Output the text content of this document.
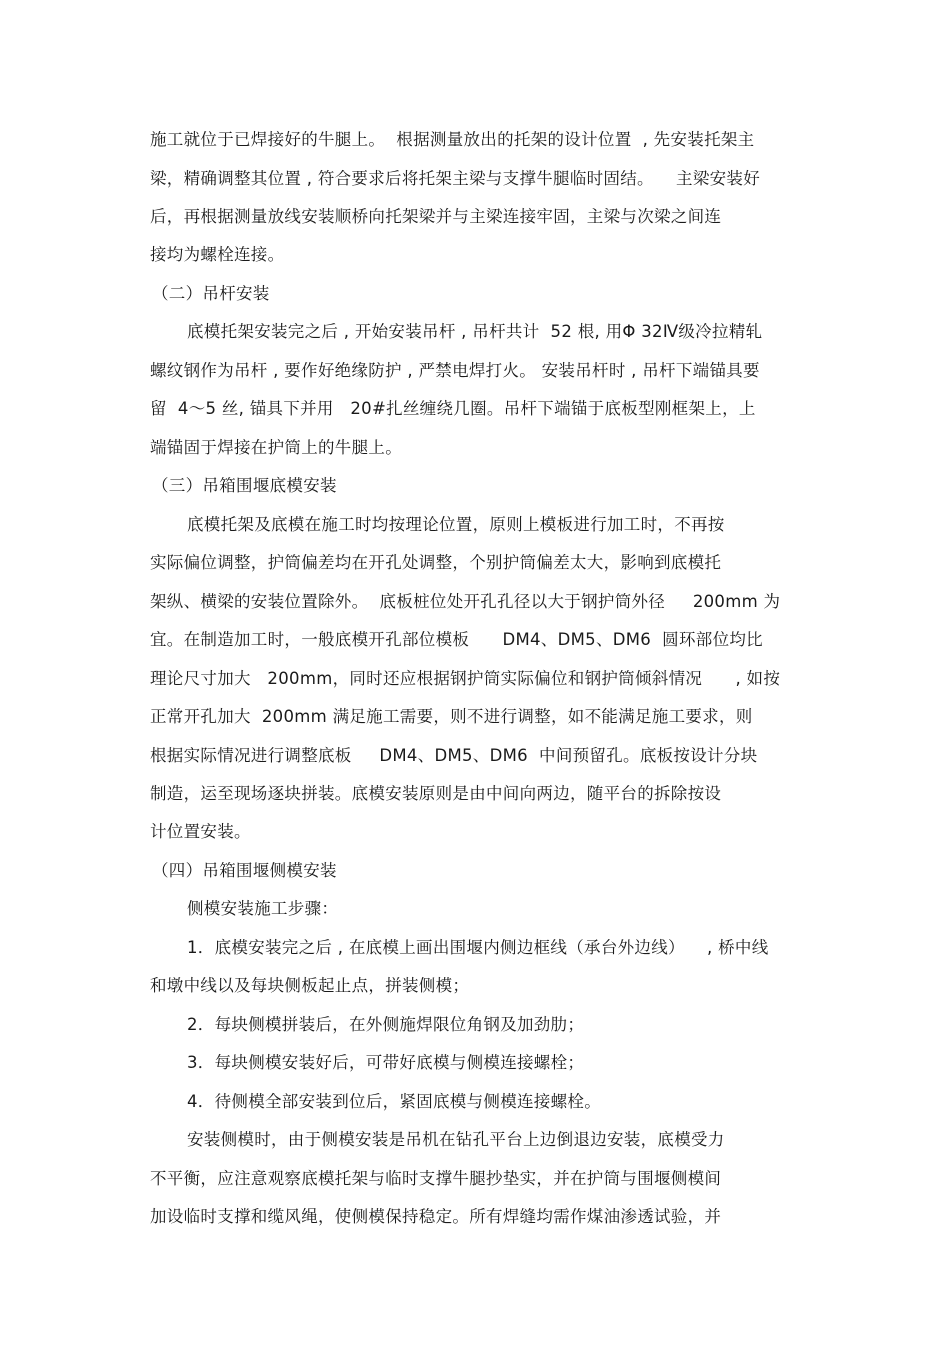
施工就位于已焊接好的牛腿上。  根据测量放出的托架的设计位置  , 先安装托架主
梁，精确调整其位置 , 符合要求后将托架主梁与支撑牛腿临时固结。    主梁安装好
后，再根据测量放线安装顺桥向托架梁并与主梁连接牢固，主梁与次梁之间连
接均为螺栓连接。
（二）吊杆安装
底模托架安装完之后 , 开始安装吊杆 , 吊杆共计  52 根, 用Φ 32Ⅳ级冷拉精轧
螺纹钢作为吊杆 , 要作好绝缘防护 , 严禁电焊打火。 安装吊杆时 , 吊杆下端锚具要
留  4～5 丝, 锚具下并用   20#扎丝缠绕几圈。吊杆下端锚于底板型刚框架上，上
端锚固于焊接在护筒上的牛腿上。
（三）吊箱围堰底模安装
底模托架及底模在施工时均按理论位置，原则上模板进行加工时，不再按
实际偏位调整，护筒偏差均在开孔处调整，个别护筒偏差太大，影响到底模托
架纵、横梁的安装位置除外。  底板桩位处开孔孔径以大于钢护筒外径     200mm 为
宜。在制造加工时，一般底模开孔部位模板      DM4、DM5、DM6  圆环部位均比
理论尺寸加大   200mm，同时还应根据钢护筒实际偏位和钢护筒倾斜情况      , 如按
正常开孔加大  200mm 满足施工需要，则不进行调整，如不能满足施工要求，则
根据实际情况进行调整底板     DM4、DM5、DM6  中间预留孔。底板按设计分块
制造，运至现场逐块拼装。底模安装原则是由中间向两边，随平台的拆除按设
计位置安装。
（四）吊箱围堰侧模安装
侧模安装施工步骤：
1．底模安装完之后 , 在底模上画出围堰内侧边框线（承台外边线）    , 桥中线
和墩中线以及每块侧板起止点，拼装侧模；
2．每块侧模拼装后，在外侧施焊限位角钢及加劲肋；
3．每块侧模安装好后，可带好底模与侧模连接螺栓；
4．待侧模全部安装到位后，紧固底模与侧模连接螺栓。
安装侧模时，由于侧模安装是吊机在钻孔平台上边倒退边安装，底模受力
不平衡，应注意观察底模托架与临时支撑牛腿抄垫实，并在护筒与围堰侧模间
加设临时支撑和缆风绳，使侧模保持稳定。所有焊缝均需作煤油渗透试验，并
